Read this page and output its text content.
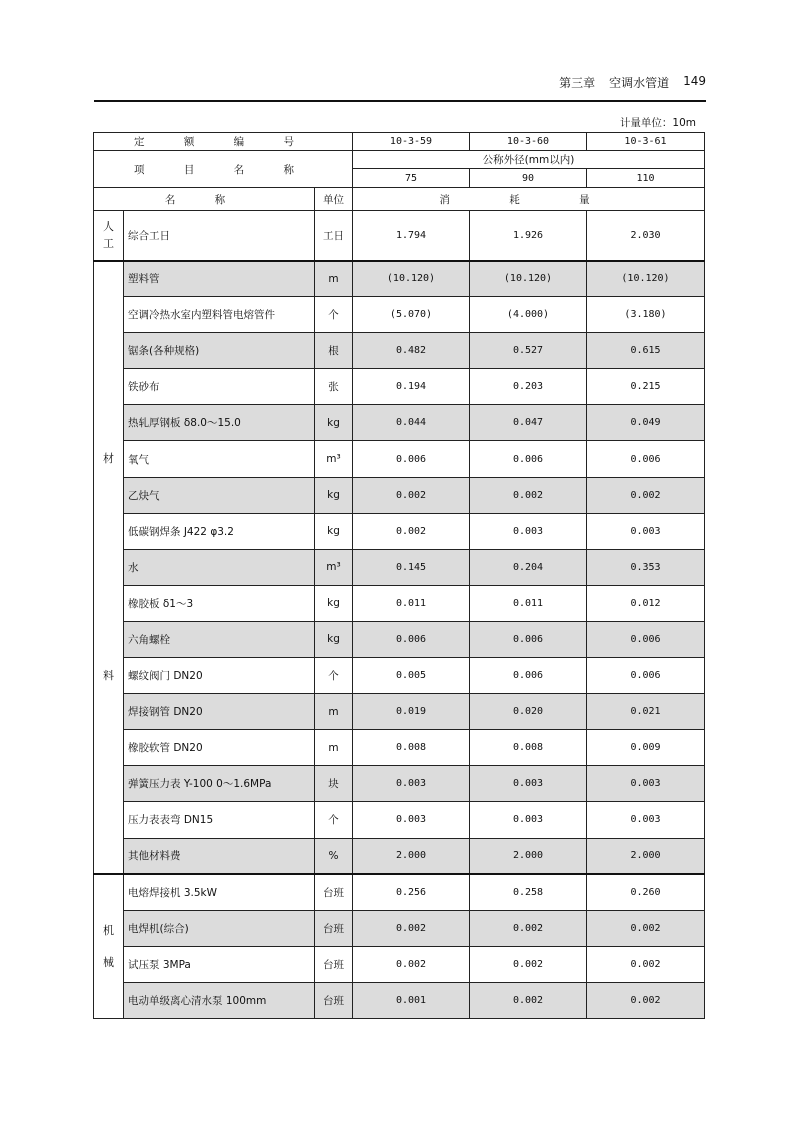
第三章 空调水管道 149
计量单位：10m
定 额 编 号			10-3-59	10-3-60	10-3-61
项 目 名 称			公称外径(mm以内)		
			75	90	110
名 称		单位	消 耗 量		

人
工	综合工日	工日	1.794	1.926	2.030

材
料	塑料管	m	(10.120)	(10.120)	(10.120)
	空调冷热水室内塑料管电熔管件	个	(5.070)	(4.000)	(3.180)
	锯条(各种规格)	根	0.482	0.527	0.615
	铁砂布	张	0.194	0.203	0.215
	热轧厚钢板 δ8.0～15.0	kg	0.044	0.047	0.049
	氧气	m³	0.006	0.006	0.006
	乙炔气	kg	0.002	0.002	0.002
	低碳钢焊条 J422 φ3.2	kg	0.002	0.003	0.003
	水	m³	0.145	0.204	0.353
	橡胶板 δ1～3	kg	0.011	0.011	0.012
	六角螺栓	kg	0.006	0.006	0.006
	螺纹阀门 DN20	个	0.005	0.006	0.006
	焊接钢管 DN20	m	0.019	0.020	0.021
	橡胶软管 DN20	m	0.008	0.008	0.009
	弹簧压力表 Y-100 0～1.6MPa	块	0.003	0.003	0.003
	压力表表弯 DN15	个	0.003	0.003	0.003
	其他材料费	%	2.000	2.000	2.000

机
械	电熔焊接机 3.5kW	台班	0.256	0.258	0.260
	电焊机(综合)	台班	0.002	0.002	0.002
	试压泵 3MPa	台班	0.002	0.002	0.002
	电动单级离心清水泵 100mm	台班	0.001	0.002	0.002
